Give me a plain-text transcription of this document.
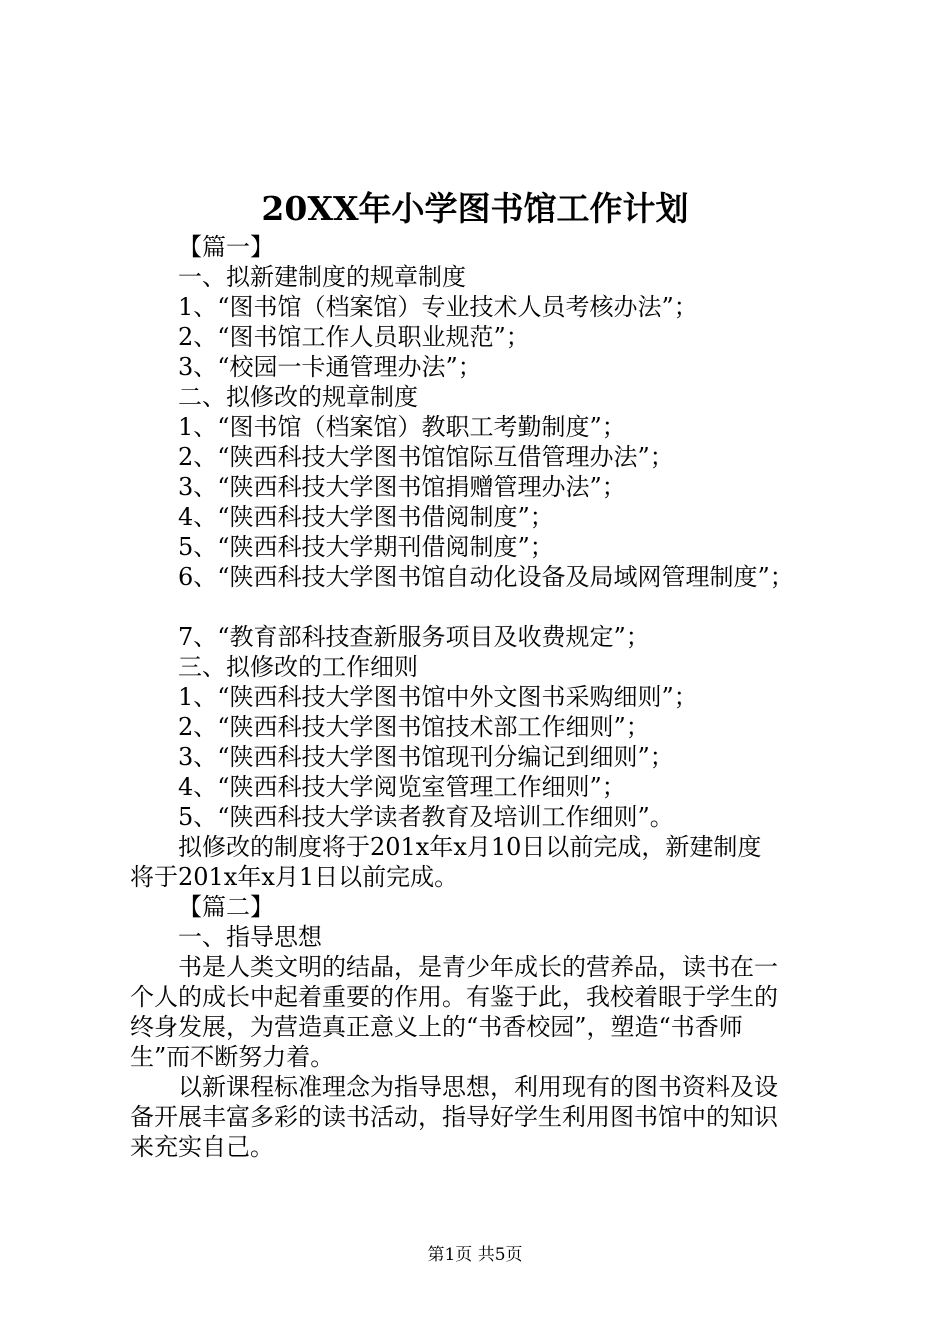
20XX年小学图书馆工作计划
【篇一】
一、拟新建制度的规章制度
1、“图书馆（档案馆）专业技术人员考核办法”；
2、“图书馆工作人员职业规范”；
3、“校园一卡通管理办法”；
二、拟修改的规章制度
1、“图书馆（档案馆）教职工考勤制度”；
2、“陕西科技大学图书馆馆际互借管理办法”；
3、“陕西科技大学图书馆捐赠管理办法”；
4、“陕西科技大学图书借阅制度”；
5、“陕西科技大学期刊借阅制度”；
6、“陕西科技大学图书馆自动化设备及局域网管理制度”；
7、“教育部科技查新服务项目及收费规定”；
三、拟修改的工作细则
1、“陕西科技大学图书馆中外文图书采购细则”；
2、“陕西科技大学图书馆技术部工作细则”；
3、“陕西科技大学图书馆现刊分编记到细则”；
4、“陕西科技大学阅览室管理工作细则”；
5、“陕西科技大学读者教育及培训工作细则”。
拟修改的制度将于201x年x月10日以前完成，新建制度
将于201x年x月1日以前完成。
【篇二】
一、指导思想
书是人类文明的结晶，是青少年成长的营养品，读书在一
个人的成长中起着重要的作用。有鉴于此，我校着眼于学生的
终身发展，为营造真正意义上的“书香校园”，塑造“书香师
生”而不断努力着。
以新课程标准理念为指导思想，利用现有的图书资料及设
备开展丰富多彩的读书活动，指导好学生利用图书馆中的知识
来充实自己。
第1页 共5页
